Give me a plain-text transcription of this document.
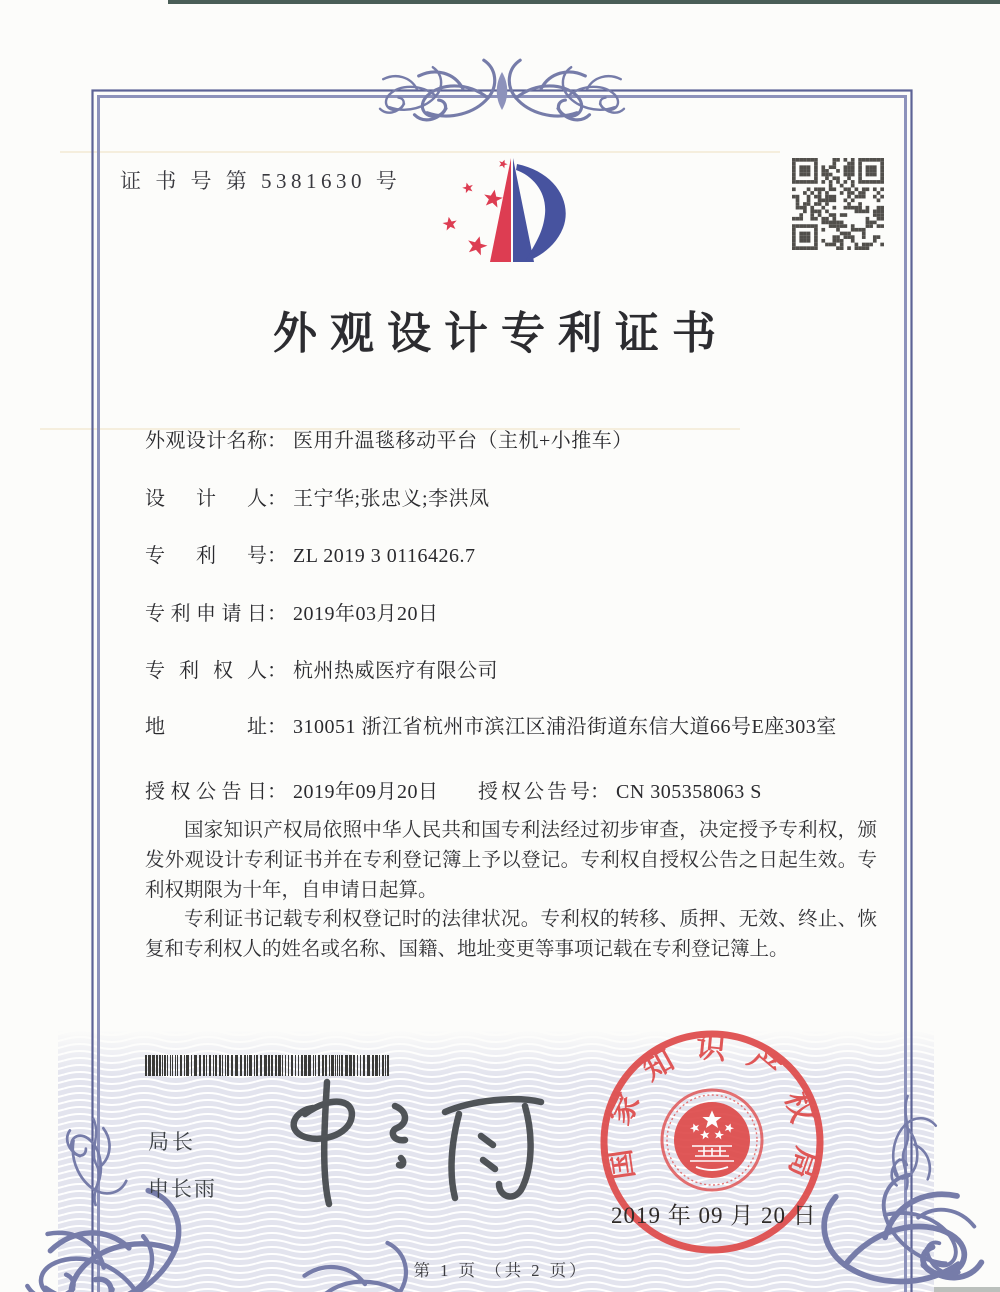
证 书 号 第 5381630 号
外观设计专利证书
外观设计名称 ： 医用升温毯移动平台（主机+小推车）
设计人 ： 王宁华;张忠义;李洪凤
专利号 ： ZL 2019 3 0116426.7
专利申请日 ： 2019年03月20日
专利权人 ： 杭州热威医疗有限公司
地址 ： 310051 浙江省杭州市滨江区浦沿街道东信大道66号E座303室
授权公告日 ： 2019年09月20日 授权公告号 ： CN 305358063 S

国家知识产权局依照中华人民共和国专利法经过初步审查，决定授予专利权，颁发外观设计专利证书并在专利登记簿上予以登记。专利权自授权公告之日起生效。专利权期限为十年，自申请日起算。

专利证书记载专利权登记时的法律状况。专利权的转移、质押、无效、终止、恢复和专利权人的姓名或名称、国籍、地址变更等事项记载在专利登记簿上。

局长
申长雨
国家知识产权局
2019 年 09 月 20 日
第 1 页 （共 2 页）
